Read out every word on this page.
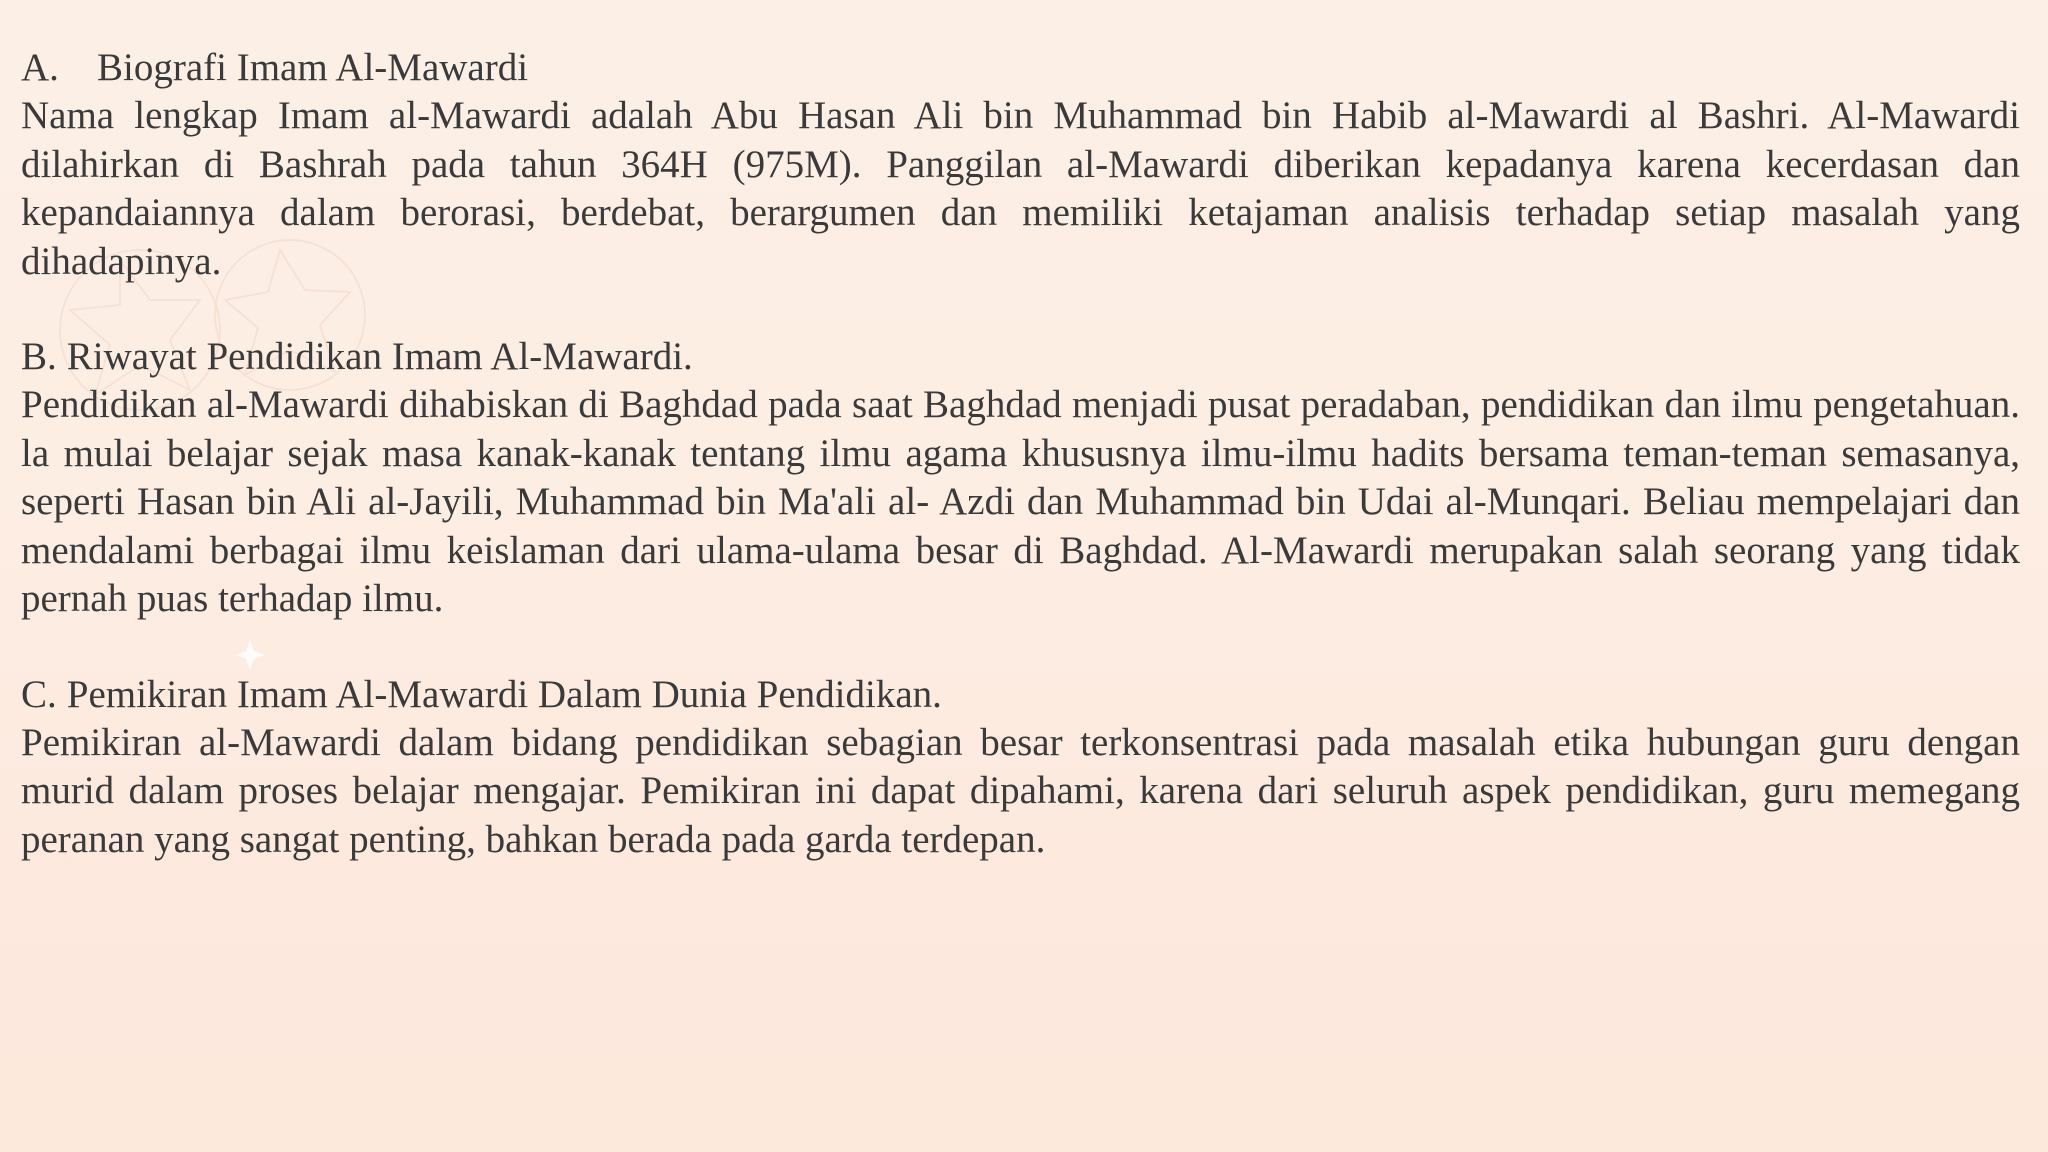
A. Biografi Imam Al-Mawardi

Nama lengkap Imam al-Mawardi adalah Abu Hasan Ali bin Muhammad bin Habib al-Mawardi al Bashri. Al-Mawardi dilahirkan di Bashrah pada tahun 364H (975M). Panggilan al-Mawardi diberikan kepadanya karena kecerdasan dan kepandaiannya dalam berorasi, berdebat, berargumen dan memiliki ketajaman analisis terhadap setiap masalah yang dihadapinya.

B. Riwayat Pendidikan Imam Al-Mawardi.

Pendidikan al-Mawardi dihabiskan di Baghdad pada saat Baghdad menjadi pusat peradaban, pendidikan dan ilmu pengetahuan. la mulai belajar sejak masa kanak-kanak tentang ilmu agama khususnya ilmu-ilmu hadits bersama teman-teman semasanya, seperti Hasan bin Ali al-Jayili, Muhammad bin Ma'ali al- Azdi dan Muhammad bin Udai al-Munqari. Beliau mempelajari dan mendalami berbagai ilmu keislaman dari ulama-ulama besar di Baghdad. Al-Mawardi merupakan salah seorang yang tidak pernah puas terhadap ilmu.

C. Pemikiran Imam Al-Mawardi Dalam Dunia Pendidikan.

Pemikiran al-Mawardi dalam bidang pendidikan sebagian besar terkonsentrasi pada masalah etika hubungan guru dengan murid dalam proses belajar mengajar. Pemikiran ini dapat dipahami, karena dari seluruh aspek pendidikan, guru memegang peranan yang sangat penting, bahkan berada pada garda terdepan.
